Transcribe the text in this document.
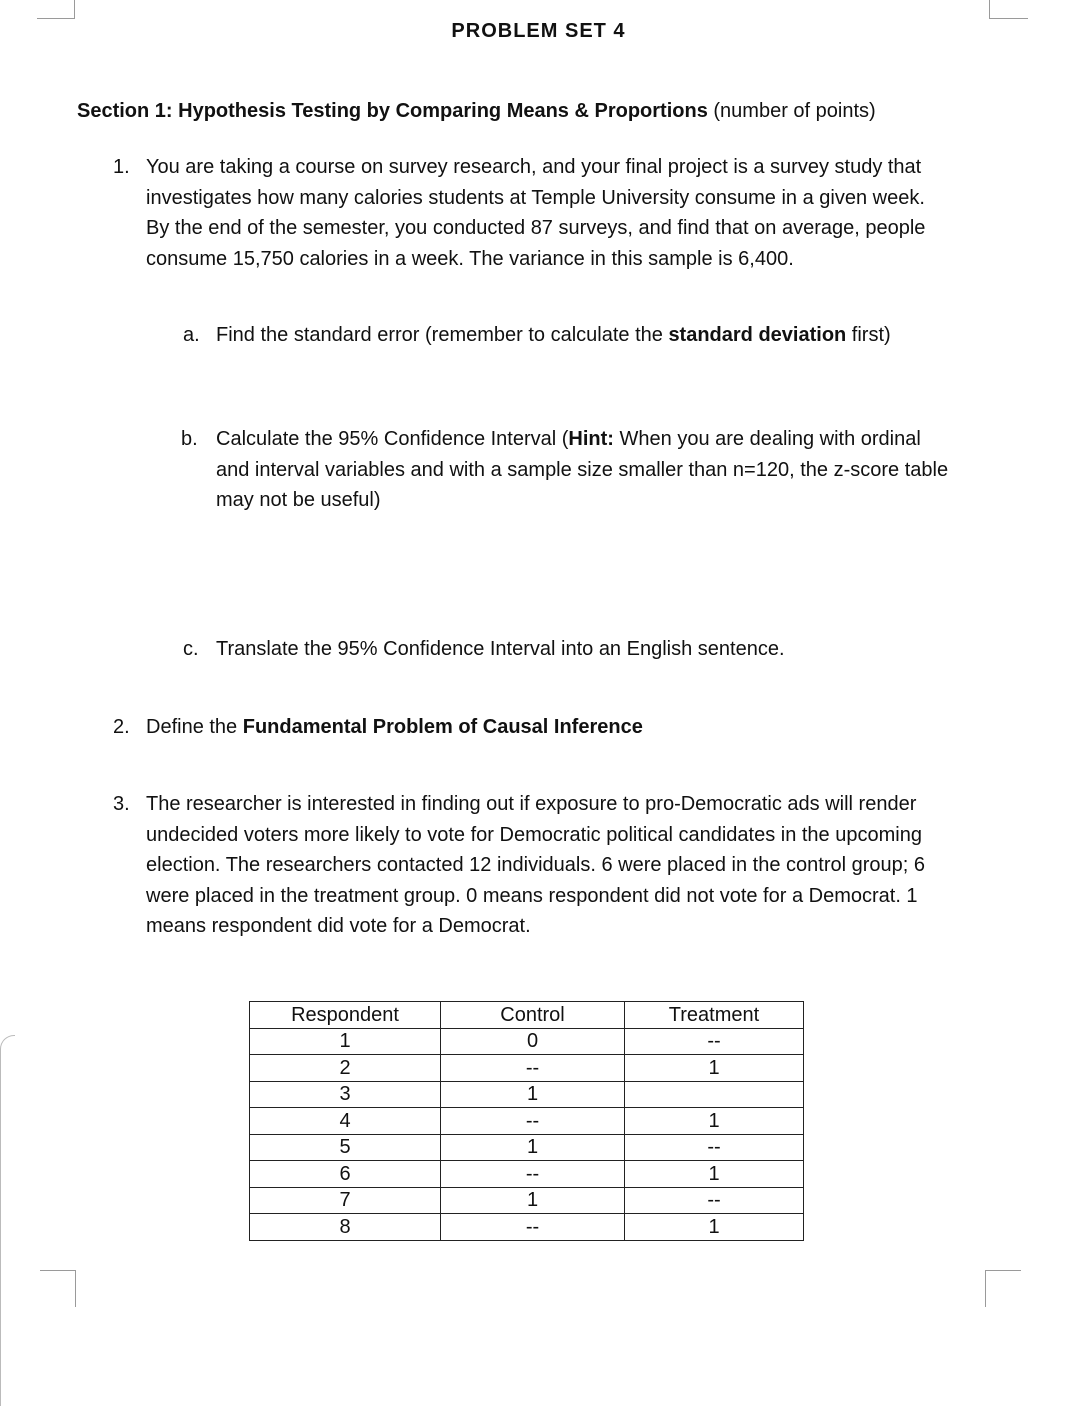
PROBLEM SET 4
Section 1: Hypothesis Testing by Comparing Means & Proportions (number of points)
1. You are taking a course on survey research, and your final project is a survey study that
investigates how many calories students at Temple University consume in a given week.
By the end of the semester, you conducted 87 surveys, and find that on average, people
consume 15,750 calories in a week. The variance in this sample is 6,400.
a. Find the standard error (remember to calculate the standard deviation first)
b. Calculate the 95% Confidence Interval (Hint: When you are dealing with ordinal
and interval variables and with a sample size smaller than n=120, the z-score table
may not be useful)
c. Translate the 95% Confidence Interval into an English sentence.
2. Define the Fundamental Problem of Causal Inference
3. The researcher is interested in finding out if exposure to pro-Democratic ads will render
undecided voters more likely to vote for Democratic political candidates in the upcoming
election. The researchers contacted 12 individuals. 6 were placed in the control group; 6
were placed in the treatment group. 0 means respondent did not vote for a Democrat. 1
means respondent did vote for a Democrat.
Respondent	Control	Treatment
1	0	--
2	--	1
3	1	
4	--	1
5	1	--
6	--	1
7	1	--
8	--	1
